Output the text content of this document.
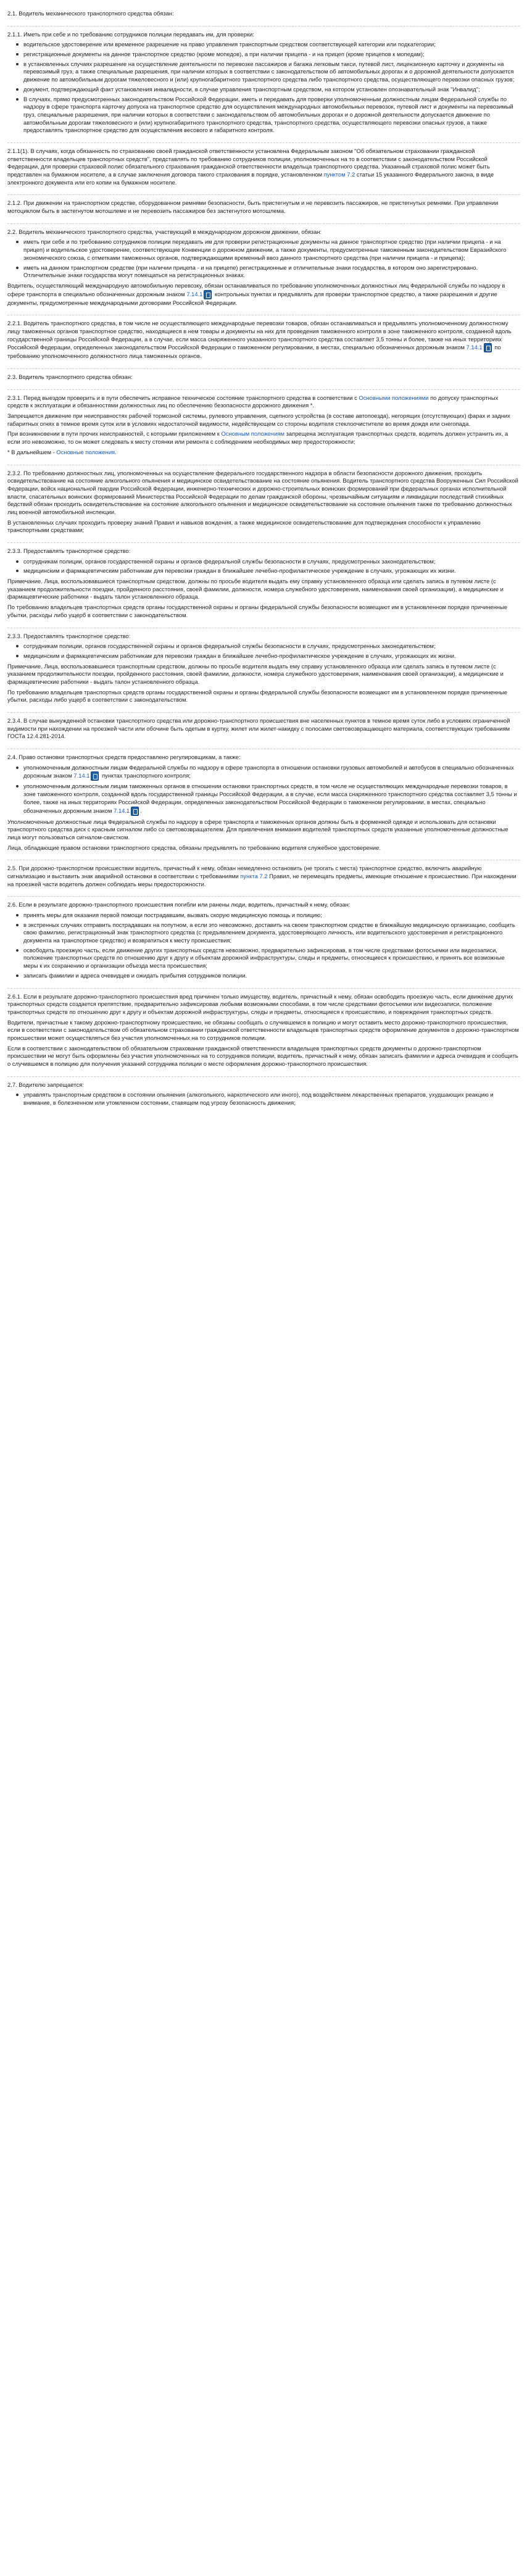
2.1. Водитель механического транспортного средства обязан:

2.1.1. Иметь при себе и по требованию сотрудников полиции передавать им, для проверки:

водительское удостоверение или временное разрешение на право управления транспортным средством соответствующей категории или подкатегории;
регистрационные документы на данное транспортное средство (кроме мопедов), а при наличии прицепа - и на прицеп (кроме прицепов к мопедам);
в установленных случаях разрешение на осуществление деятельности по перевозке пассажиров и багажа легковым такси, путевой лист, лицензионную карточку и документы на перевозимый груз, а также специальные разрешения, при наличии которых в соответствии с законодательством об автомобильных дорогах и о дорожной деятельности допускается движение по автомобильным дорогам тяжеловесного и (или) крупногабаритного транспортного средства либо транспортного средства, осуществляющего перевозки опасных грузов;
документ, подтверждающий факт установления инвалидности, в случае управления транспортным средством, на котором установлен опознавательный знак "Инвалид";
В случаях, прямо предусмотренных законодательством Российской Федерации, иметь и передавать для проверки уполномоченным должностным лицам Федеральной службы по надзору в сфере транспорта карточку допуска на транспортное средство для осуществления международных автомобильных перевозок, путевой лист и документы на перевозимый груз, специальные разрешения, при наличии которых в соответствии с законодательством об автомобильных дорогах и о дорожной деятельности допускается движение по автомобильным дорогам тяжеловесного и (или) крупногабаритного транспортного средства, транспортного средства, осуществляющего перевозки опасных грузов, а также предоставлять транспортное средство для осуществления весового и габаритного контроля.

2.1.1(1). В случаях, когда обязанность по страхованию своей гражданской ответственности установлена Федеральным законом "Об обязательном страховании гражданской ответственности владельцев транспортных средств", представлять по требованию сотрудников полиции, уполномоченных на то в соответствии с законодательством Российской Федерации, для проверки страховой полис обязательного страхования гражданской ответственности владельца транспортного средства. Указанный страховой полис может быть представлен на бумажном носителе, а в случае заключения договора такого страхования в порядке, установленном пунктом 7.2 статьи 15 указанного Федерального закона, в виде электронного документа или его копии на бумажном носителе.

2.1.2. При движении на транспортном средстве, оборудованном ремнями безопасности, быть пристегнутым и не перевозить пассажиров, не пристегнутых ремнями. При управлении мотоциклом быть в застегнутом мотошлеме и не перевозить пассажиров без застегнутого мотошлема.

2.2. Водитель механического транспортного средства, участвующий в международном дорожном движении, обязан:

иметь при себе и по требованию сотрудников полиции передавать им для проверки регистрационные документы на данное транспортное средство (при наличии прицепа - и на прицеп) и водительское удостоверение, соответствующие Конвенции о дорожном движении, а также документы, предусмотренные таможенным законодательством Евразийского экономического союза, с отметками таможенных органов, подтверждающими временный ввоз данного транспортного средства (при наличии прицепа - и прицепа);
иметь на данном транспортном средстве (при наличии прицепа - и на прицепе) регистрационные и отличительные знаки государства, в котором оно зарегистрировано. Отличительные знаки государства могут помещаться на регистрационных знаках.

Водитель, осуществляющий международную автомобильную перевозку, обязан останавливаться по требованию уполномоченных должностных лиц Федеральной службы по надзору в сфере транспорта в специально обозначенных дорожным знаком 7.14.1 контрольных пунктах и предъявлять для проверки транспортное средство, а также разрешения и другие документы, предусмотренные международными договорами Российской Федерации.

2.2.1. Водитель транспортного средства, в том числе не осуществляющего международные перевозки товаров, обязан останавливаться и предъявлять уполномоченному должностному лицу таможенных органов транспортное средство, находящиеся в нем товары и документы на них для проведения таможенного контроля в зоне таможенного контроля, созданной вдоль государственной границы Российской Федерации, а в случае, если масса снаряженного указанного транспортного средства составляет 3,5 тонны и более, также на иных территориях Российской Федерации, определенных законодательством Российской Федерации о таможенном регулировании, в местах, специально обозначенных дорожным знаком 7.14.1 по требованию уполномоченного должностного лица таможенных органов.

2.3. Водитель транспортного средства обязан:

2.3.1. Перед выездом проверить и в пути обеспечить исправное техническое состояние транспортного средства в соответствии с Основными положениями по допуску транспортных средств к эксплуатации и обязанностями должностных лиц по обеспечению безопасности дорожного движения *.

Запрещается движение при неисправностях рабочей тормозной системы, рулевого управления, сцепного устройства (в составе автопоезда), негорящих (отсутствующих) фарах и задних габаритных огнях в темное время суток или в условиях недостаточной видимости, недействующем со стороны водителя стеклоочистителе во время дождя или снегопада.

При возникновении в пути прочих неисправностей, с которыми приложением к Основным положениям запрещена эксплуатация транспортных средств, водитель должен устранить их, а если это невозможно, то он может следовать к месту стоянки или ремонта с соблюдением необходимых мер предосторожности;

* В дальнейшем - Основные положения.

2.3.2. По требованию должностных лиц, уполномоченных на осуществление федерального государственного надзора в области безопасности дорожного движения, проходить освидетельствование на состояние алкогольного опьянения и медицинское освидетельствование на состояние опьянения. Водитель транспортного средства Вооруженных Сил Российской Федерации, войск национальной гвардии Российской Федерации, инженерно-технических и дорожно-строительных воинских формирований при федеральных органах исполнительной власти, спасательных воинских формирований Министерства Российской Федерации по делам гражданской обороны, чрезвычайным ситуациям и ликвидации последствий стихийных бедствий обязан проходить освидетельствование на состояние алкогольного опьянения и медицинское освидетельствование на состояние опьянения также по требованию должностных лиц военной автомобильной инспекции.

В установленных случаях проходить проверку знаний Правил и навыков вождения, а также медицинское освидетельствование для подтверждения способности к управлению транспортными средствами;

2.3.3. Предоставлять транспортное средство:

сотрудникам полиции, органов государственной охраны и органов федеральной службы безопасности в случаях, предусмотренных законодательством;
медицинским и фармацевтическим работникам для перевозки граждан в ближайшее лечебно-профилактическое учреждение в случаях, угрожающих их жизни.

Примечание. Лица, воспользовавшиеся транспортным средством, должны по просьбе водителя выдать ему справку установленного образца или сделать запись в путевом листе (с указанием продолжительности поездки, пройденного расстояния, своей фамилии, должности, номера служебного удостоверения, наименования своей организации), а медицинские и фармацевтические работники - выдать талон установленного образца.

По требованию владельцев транспортных средств органы государственной охраны и органы федеральной службы безопасности возмещают им в установленном порядке причиненные убытки, расходы либо ущерб в соответствии с законодательством.

2.3.3. Предоставлять транспортное средство:

сотрудникам полиции, органов государственной охраны и органов федеральной службы безопасности в случаях, предусмотренных законодательством;
медицинским и фармацевтическим работникам для перевозки граждан в ближайшее лечебно-профилактическое учреждение в случаях, угрожающих их жизни.

Примечание. Лица, воспользовавшиеся транспортным средством, должны по просьбе водителя выдать ему справку установленного образца или сделать запись в путевом листе (с указанием продолжительности поездки, пройденного расстояния, своей фамилии, должности, номера служебного удостоверения, наименования своей организации), а медицинские и фармацевтические работники - выдать талон установленного образца.

По требованию владельцев транспортных средств органы государственной охраны и органы федеральной службы безопасности возмещают им в установленном порядке причиненные убытки, расходы либо ущерб в соответствии с законодательством.

2.3.4. В случае вынужденной остановки транспортного средства или дорожно-транспортного происшествия вне населенных пунктов в темное время суток либо в условиях ограниченной видимости при нахождении на проезжей части или обочине быть одетым в куртку, жилет или жилет-накидку с полосами световозвращающего материала, соответствующих требованиям ГОСТа 12.4.281-2014.

2.4. Право остановки транспортных средств предоставлено регулировщикам, а также:

уполномоченным должностным лицам Федеральной службы по надзору в сфере транспорта в отношении остановки грузовых автомобилей и автобусов в специально обозначенных дорожным знаком 7.14.1 пунктах транспортного контроля;
уполномоченным должностным лицам таможенных органов в отношении остановки транспортных средств, в том числе не осуществляющих международные перевозки товаров, в зоне таможенного контроля, созданной вдоль государственной границы Российской Федерации, а в случае, если масса снаряженного транспортного средства составляет 3,5 тонны и более, также на иных территориях Российской Федерации, определенных законодательством Российской Федерации о таможенном регулировании, в местах, специально обозначенных дорожным знаком 7.14.1 .

Уполномоченные должностные лица Федеральной службы по надзору в сфере транспорта и таможенных органов должны быть в форменной одежде и использовать для остановки транспортного средства диск с красным сигналом либо со световозвращателем. Для привлечения внимания водителей транспортных средств указанные уполномоченные должностные лица могут пользоваться сигналом-свистком.

Лица, обладающие правом остановки транспортного средства, обязаны предъявлять по требованию водителя служебное удостоверение.

2.5. При дорожно-транспортном происшествии водитель, причастный к нему, обязан немедленно остановить (не трогать с места) транспортное средство, включить аварийную сигнализацию и выставить знак аварийной остановки в соответствии с требованиями пункта 7.2 Правил, не перемещать предметы, имеющие отношение к происшествию. При нахождении на проезжей части водитель должен соблюдать меры предосторожности.

2.6. Если в результате дорожно-транспортного происшествия погибли или ранены люди, водитель, причастный к нему, обязан:

принять меры для оказания первой помощи пострадавшим, вызвать скорую медицинскую помощь и полицию;
в экстренных случаях отправить пострадавших на попутном, а если это невозможно, доставить на своем транспортном средстве в ближайшую медицинскую организацию, сообщить свою фамилию, регистрационный знак транспортного средства (с предъявлением документа, удостоверяющего личность, или водительского удостоверения и регистрационного документа на транспортное средство) и возвратиться к месту происшествия;
освободить проезжую часть, если движение других транспортных средств невозможно, предварительно зафиксировав, в том числе средствами фотосъемки или видеозаписи, положение транспортных средств по отношению друг к другу и объектам дорожной инфраструктуры, следы и предметы, относящиеся к происшествию, и принять все возможные меры к их сохранению и организации объезда места происшествия;
записать фамилии и адреса очевидцев и ожидать прибытия сотрудников полиции.

2.6.1. Если в результате дорожно-транспортного происшествия вред причинен только имуществу, водитель, причастный к нему, обязан освободить проезжую часть, если движение других транспортных средств создается препятствие, предварительно зафиксировав любыми возможными способами, в том числе средствами фотосъемки или видеозаписи, положение транспортных средств по отношению друг к другу и объектам дорожной инфраструктуры, следы и предметы, относящиеся к происшествию, и повреждения транспортных средств.

Водители, причастные к такому дорожно-транспортному происшествию, не обязаны сообщать о случившемся в полицию и могут оставить место дорожно-транспортного происшествия, если в соответствии с законодательством об обязательном страховании гражданской ответственности владельцев транспортных средств оформление документов о дорожно-транспортном происшествии может осуществляться без участия уполномоченных на то сотрудников полиции.

Если в соответствии с законодательством об обязательном страховании гражданской ответственности владельцев транспортных средств документы о дорожно-транспортном происшествии не могут быть оформлены без участия уполномоченных на то сотрудников полиции, водитель, причастный к нему, обязан записать фамилии и адреса очевидцев и сообщить о случившемся в полицию для получения указаний сотрудника полиции о месте оформления дорожно-транспортного происшествия.

2.7. Водителю запрещается:

управлять транспортным средством в состоянии опьянения (алкогольного, наркотического или иного), под воздействием лекарственных препаратов, ухудшающих реакцию и внимание, в болезненном или утомленном состоянии, ставящем под угрозу безопасность движения;
